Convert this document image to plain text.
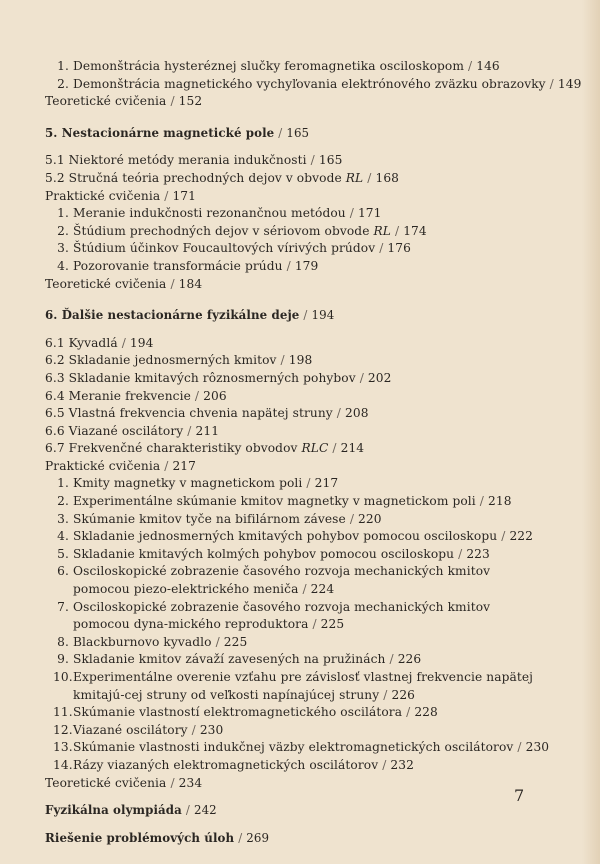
1. Demonštrácia hysteréznej slučky feromagnetika osciloskopom / 146
2. Demonštrácia magnetického vychyľovania elektrónového zväzku obrazovky / 149
Teoretické cvičenia / 152
5. Nestacionárne magnetické pole / 165
5.1 Niektoré metódy merania indukčnosti / 165
5.2 Stručná teória prechodných dejov v obvode RL / 168
Praktické cvičenia / 171
1. Meranie indukčnosti rezonančnou metódou / 171
2. Štúdium prechodných dejov v sériovom obvode RL / 174
3. Štúdium účinkov Foucaultových vírivých prúdov / 176
4. Pozorovanie transformácie prúdu / 179
Teoretické cvičenia / 184
6. Ďalšie nestacionárne fyzikálne deje / 194
6.1 Kyvadlá / 194
6.2 Skladanie jednosmerných kmitov / 198
6.3 Skladanie kmitavých rôznosmerných pohybov / 202
6.4 Meranie frekvencie / 206
6.5 Vlastná frekvencia chvenia napätej struny / 208
6.6 Viazané oscilátory / 211
6.7 Frekvenčné charakteristiky obvodov RLC / 214
Praktické cvičenia / 217
1. Kmity magnetky v magnetickom poli / 217
2. Experimentálne skúmanie kmitov magnetky v magnetickom poli / 218
3. Skúmanie kmitov tyče na bifilárnom závese / 220
4. Skladanie jednosmerných kmitavých pohybov pomocou osciloskopu / 222
5. Skladanie kmitavých kolmých pohybov pomocou osciloskopu / 223
6. Osciloskopické zobrazenie časového rozvoja mechanických kmitov pomocou piezo-elektrického meniča / 224
7. Osciloskopické zobrazenie časového rozvoja mechanických kmitov pomocou dyna-mického reproduktora / 225
8. Blackburnovo kyvadlo / 225
9. Skladanie kmitov závaží zavesených na pružinách / 226
10.Experimentálne overenie vzťahu pre závislosť vlastnej frekvencie napätej kmitajú-cej struny od veľkosti napínajúcej struny / 226
11.Skúmanie vlastností elektromagnetického oscilátora / 228
12.Viazané oscilátory / 230
13.Skúmanie vlastnosti indukčnej väzby elektromagnetických oscilátorov / 230
14.Rázy viazaných elektromagnetických oscilátorov / 232
Teoretické cvičenia / 234
Fyzikálna olympiáda / 242
Riešenie problémových úloh / 269
7
